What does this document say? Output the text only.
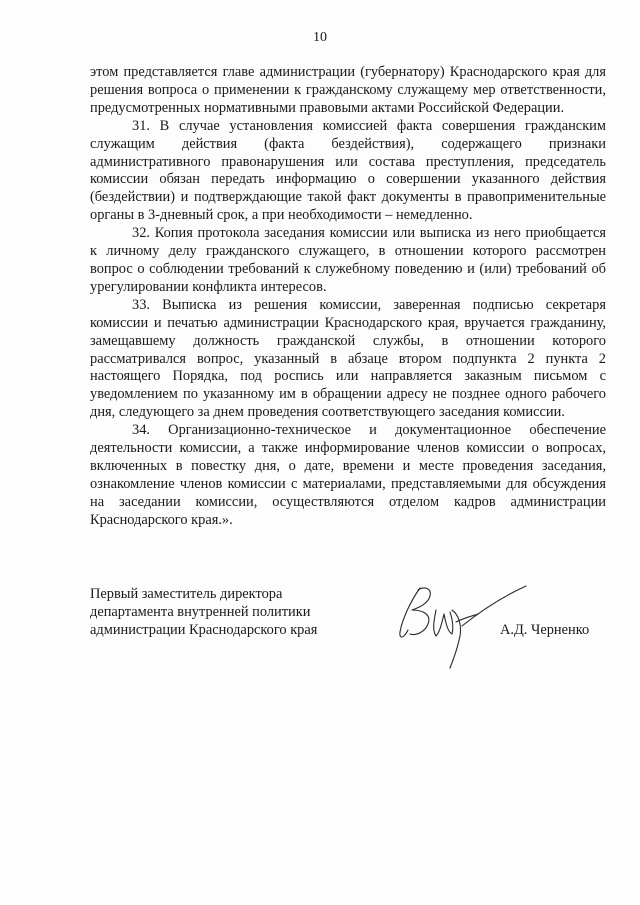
10

этом представляется главе администрации (губернатору) Краснодарского края для решения вопроса о применении к гражданскому служащему мер ответственности, предусмотренных нормативными правовыми актами Российской Федерации.

31. В случае установления комиссией факта совершения гражданским служащим действия (факта бездействия), содержащего признаки административного правонарушения или состава преступления, председатель комиссии обязан передать информацию о совершении указанного действия (бездействии) и подтверждающие такой факт документы в правоприменительные органы в 3-дневный срок, а при необходимости – немедленно.

32. Копия протокола заседания комиссии или выписка из него приобщается к личному делу гражданского служащего, в отношении которого рассмотрен вопрос о соблюдении требований к служебному поведению и (или) требований об урегулировании конфликта интересов.

33. Выписка из решения комиссии, заверенная подписью секретаря комиссии и печатью администрации Краснодарского края, вручается гражданину, замещавшему должность гражданской службы, в отношении которого рассматривался вопрос, указанный в абзаце втором подпункта 2 пункта 2 настоящего Порядка, под роспись или направляется заказным письмом с уведомлением по указанному им в обращении адресу не позднее одного рабочего дня, следующего за днем проведения соответствующего заседания комиссии.

34. Организационно-техническое и документационное обеспечение деятельности комиссии, а также информирование членов комиссии о вопросах, включенных в повестку дня, о дате, времени и месте проведения заседания, ознакомление членов комиссии с материалами, представляемыми для обсуждения на заседании комиссии, осуществляются отделом кадров администрации Краснодарского края.».

Первый заместитель директора
департамента внутренней политики
администрации Краснодарского края	А.Д. Черненко
